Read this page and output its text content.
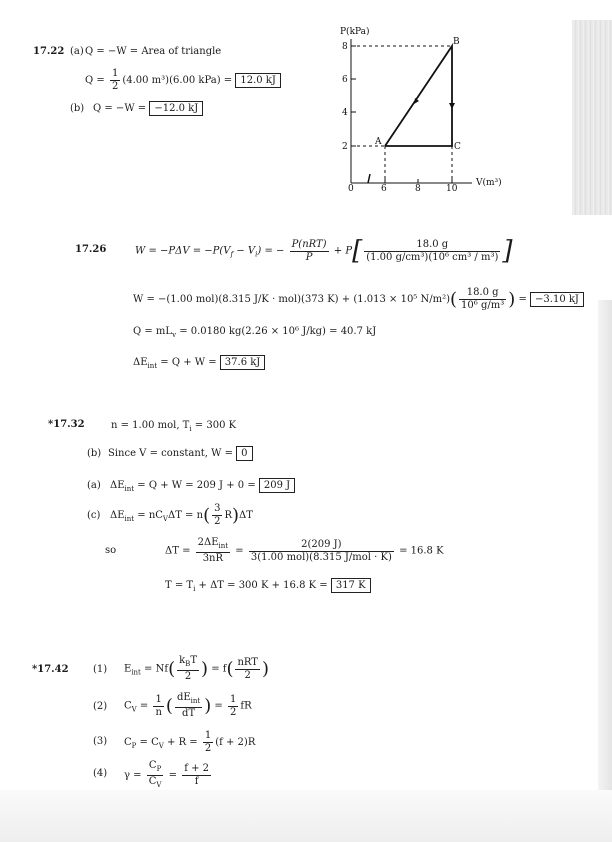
17.22 (a) Q = −W = Area of triangle
$Q = \frac{1}{2} (4.00$ m³)(6.00 kPa) = 12.0 kJ
(b) Q = −W = −12.0 kJ
P(kPa)
V(m³)
8
6
4
2
0	6	8	10
A
B
C
17.26	$W = -P\Delta V = -P(V_f - V_i)$ = − $\frac{\text{P(nRT)}}{P} + P[ \frac{18.0 g}{\text{(1.00 g/cm³)(10⁶ cm³ / m³)}}$ ]
W = −(1.00 mol)(8.315 J/K · mol)(373 K) + (1.013 × 10⁵ $N/m^2)( \frac{18.0 g}{\text{10⁶ g/m³}}$ ) = −3.10 kJ
$Q = mL_v = 0.0180$ kg(2.26 × 10⁶ J/kg) = 40.7 kJ
$\Delta E_{int} = Q + W = 37.6$ kJ
*17.32	n = 1.00 mol, $T_i = 300$ K
(b) Since V = constant, W = 0
(a) $\Delta E_{int} = Q + W = 209$ J + 0 = 209 J
(c) $\Delta E_{int} = nC_V\Delta T = n( \frac{3}{2} R)\Delta T$
so	$\Delta T = \frac{2\Delta E_{int}}{3nR} = \frac{2(209 J)}{\text{3(1.00 mol)(8.315 J/mol · K)}} = 16.8$ K
$T = T_i + \Delta T = 300$ K + 16.8 K = 317 K
*17.42 (1) $E_{int} = Nf( \frac{k_BT}{2}$ ) = $f( \frac{\text{nRT}}{2}$ )
(2) $C_V = \frac{1}{n}$ ( $\frac{dE_{int}}{dT}$ ) = $\frac{1}{2}$ fR
(3) $C_P = C_V + R = \frac{1}{2} (f + 2)R$
(4) $\gamma = \frac{C_P}{C_V} = \frac{f + 2}{f}$
